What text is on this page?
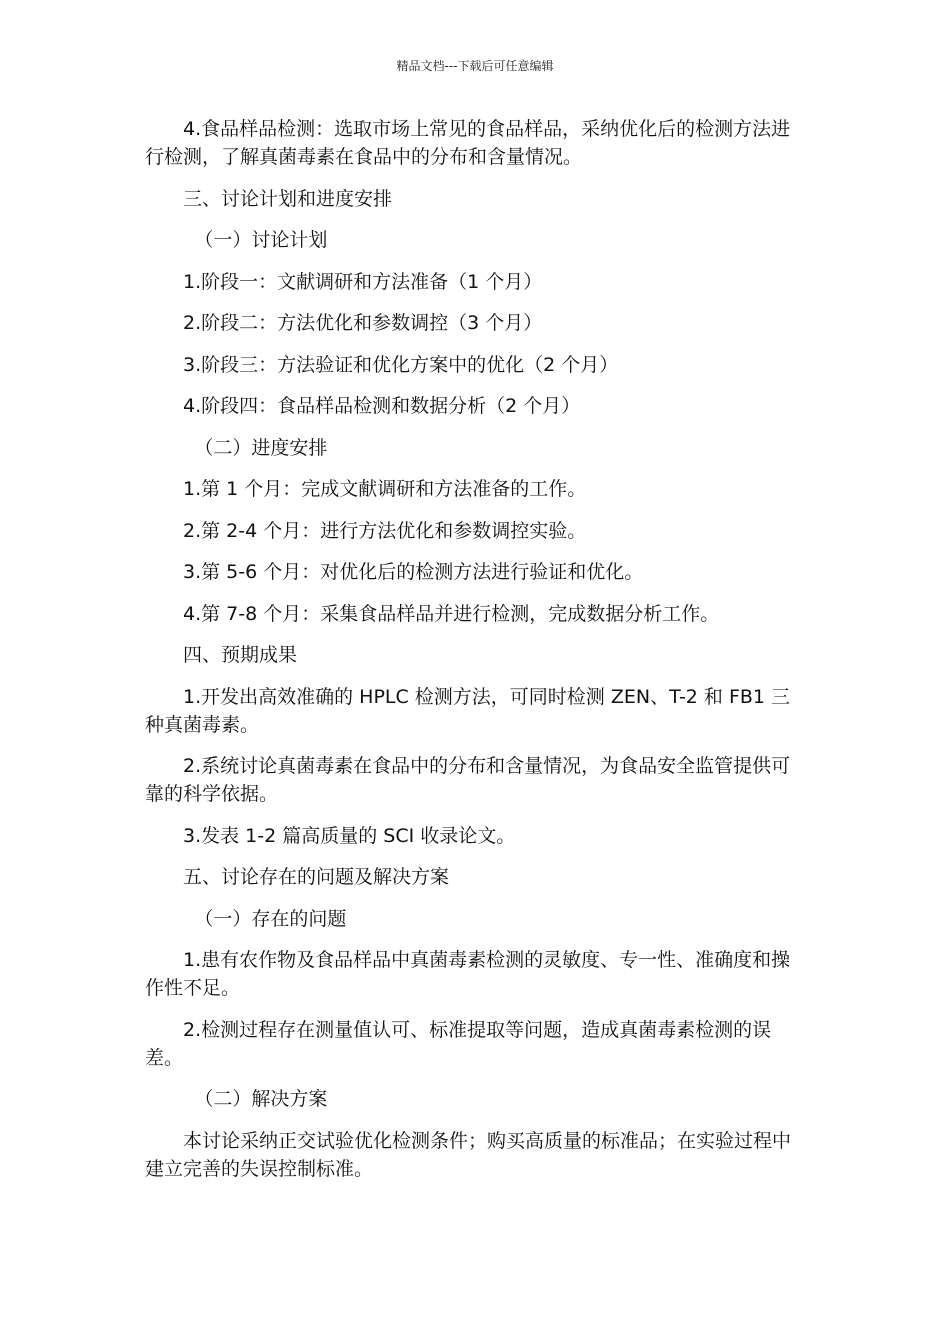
精品文档---下载后可任意编辑

4.食品样品检测：选取市场上常见的食品样品，采纳优化后的检测方法进行检测，了解真菌毒素在食品中的分布和含量情况。

三、讨论计划和进度安排

（一）讨论计划

1.阶段一：文献调研和方法准备（1 个月）

2.阶段二：方法优化和参数调控（3 个月）

3.阶段三：方法验证和优化方案中的优化（2 个月）

4.阶段四：食品样品检测和数据分析（2 个月）

（二）进度安排

1.第 1 个月：完成文献调研和方法准备的工作。

2.第 2-4 个月：进行方法优化和参数调控实验。

3.第 5-6 个月：对优化后的检测方法进行验证和优化。

4.第 7-8 个月：采集食品样品并进行检测，完成数据分析工作。

四、预期成果

1.开发出高效准确的 HPLC 检测方法，可同时检测 ZEN、T-2 和 FB1 三种真菌毒素。

2.系统讨论真菌毒素在食品中的分布和含量情况，为食品安全监管提供可靠的科学依据。

3.发表 1-2 篇高质量的 SCI 收录论文。

五、讨论存在的问题及解决方案

（一）存在的问题

1.患有农作物及食品样品中真菌毒素检测的灵敏度、专一性、准确度和操作性不足。

2.检测过程存在测量值认可、标准提取等问题，造成真菌毒素检测的误差。

（二）解决方案

本讨论采纳正交试验优化检测条件；购买高质量的标准品；在实验过程中建立完善的失误控制标准。
